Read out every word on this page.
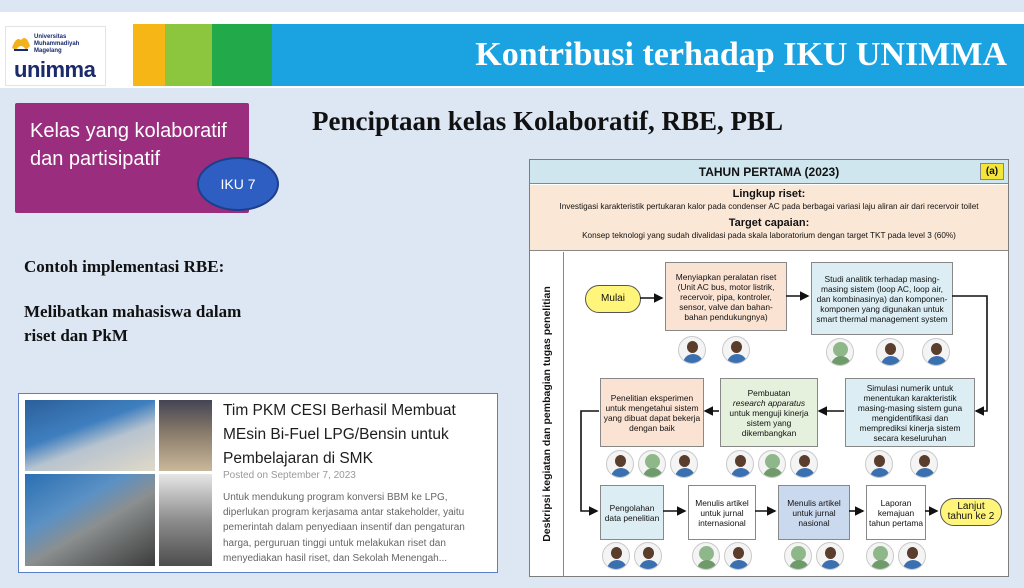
Universitas Muhammadiyah Magelang
unimma	Kontribusi terhadap IKU UNIMMA
Kelas yang kolaboratif dan partisipatif
IKU 7
Penciptaan kelas Kolaboratif, RBE, PBL
Contoh implementasi RBE:
Melibatkan mahasiswa dalam riset dan PkM
Tim PKM CESI Berhasil Membuat MEsin Bi-Fuel LPG/Bensin untuk Pembelajaran di SMK
Posted on September 7, 2023
Untuk mendukung program konversi BBM ke LPG, diperlukan program kerjasama antar stakeholder, yaitu pemerintah dalam penyediaan insentif dan pengaturan harga, perguruan tinggi untuk melakukan riset dan menyediakan hasil riset, dan Sekolah Menengah...
TAHUN PERTAMA (2023)	(a)
Lingkup riset:
Investigasi karakteristik pertukaran kalor pada condenser AC pada berbagai variasi laju aliran air dari recervoir toilet
Target capaian:
Konsep teknologi yang sudah divalidasi pada skala laboratorium dengan target TKT pada level 3 (60%)
Deskripsi kegiatan dan pembagian tugas penelitian	Mulai
Menyiapkan peralatan riset (Unit AC bus, motor listrik, recervoir, pipa, kontroler, sensor, valve dan bahan-bahan pendukungnya)
Studi analitik terhadap masing-masing sistem (loop AC, loop air, dan kombinasinya) dan komponen-komponen yang digunakan untuk smart thermal management system
Simulasi numerik untuk menentukan karakteristik masing-masing sistem guna mengidentifikasi dan memprediksi kinerja sistem secara keseluruhan
Pembuatan
research apparatus
untuk menguji kinerja sistem yang dikembangkan
Penelitian eksperimen untuk mengetahui sistem yang dibuat dapat bekerja dengan baik
Pengolahan data penelitian
Menulis artikel untuk jurnal internasional
Menulis artikel untuk jurnal nasional
Laporan kemajuan tahun pertama
Lanjut tahun ke 2
